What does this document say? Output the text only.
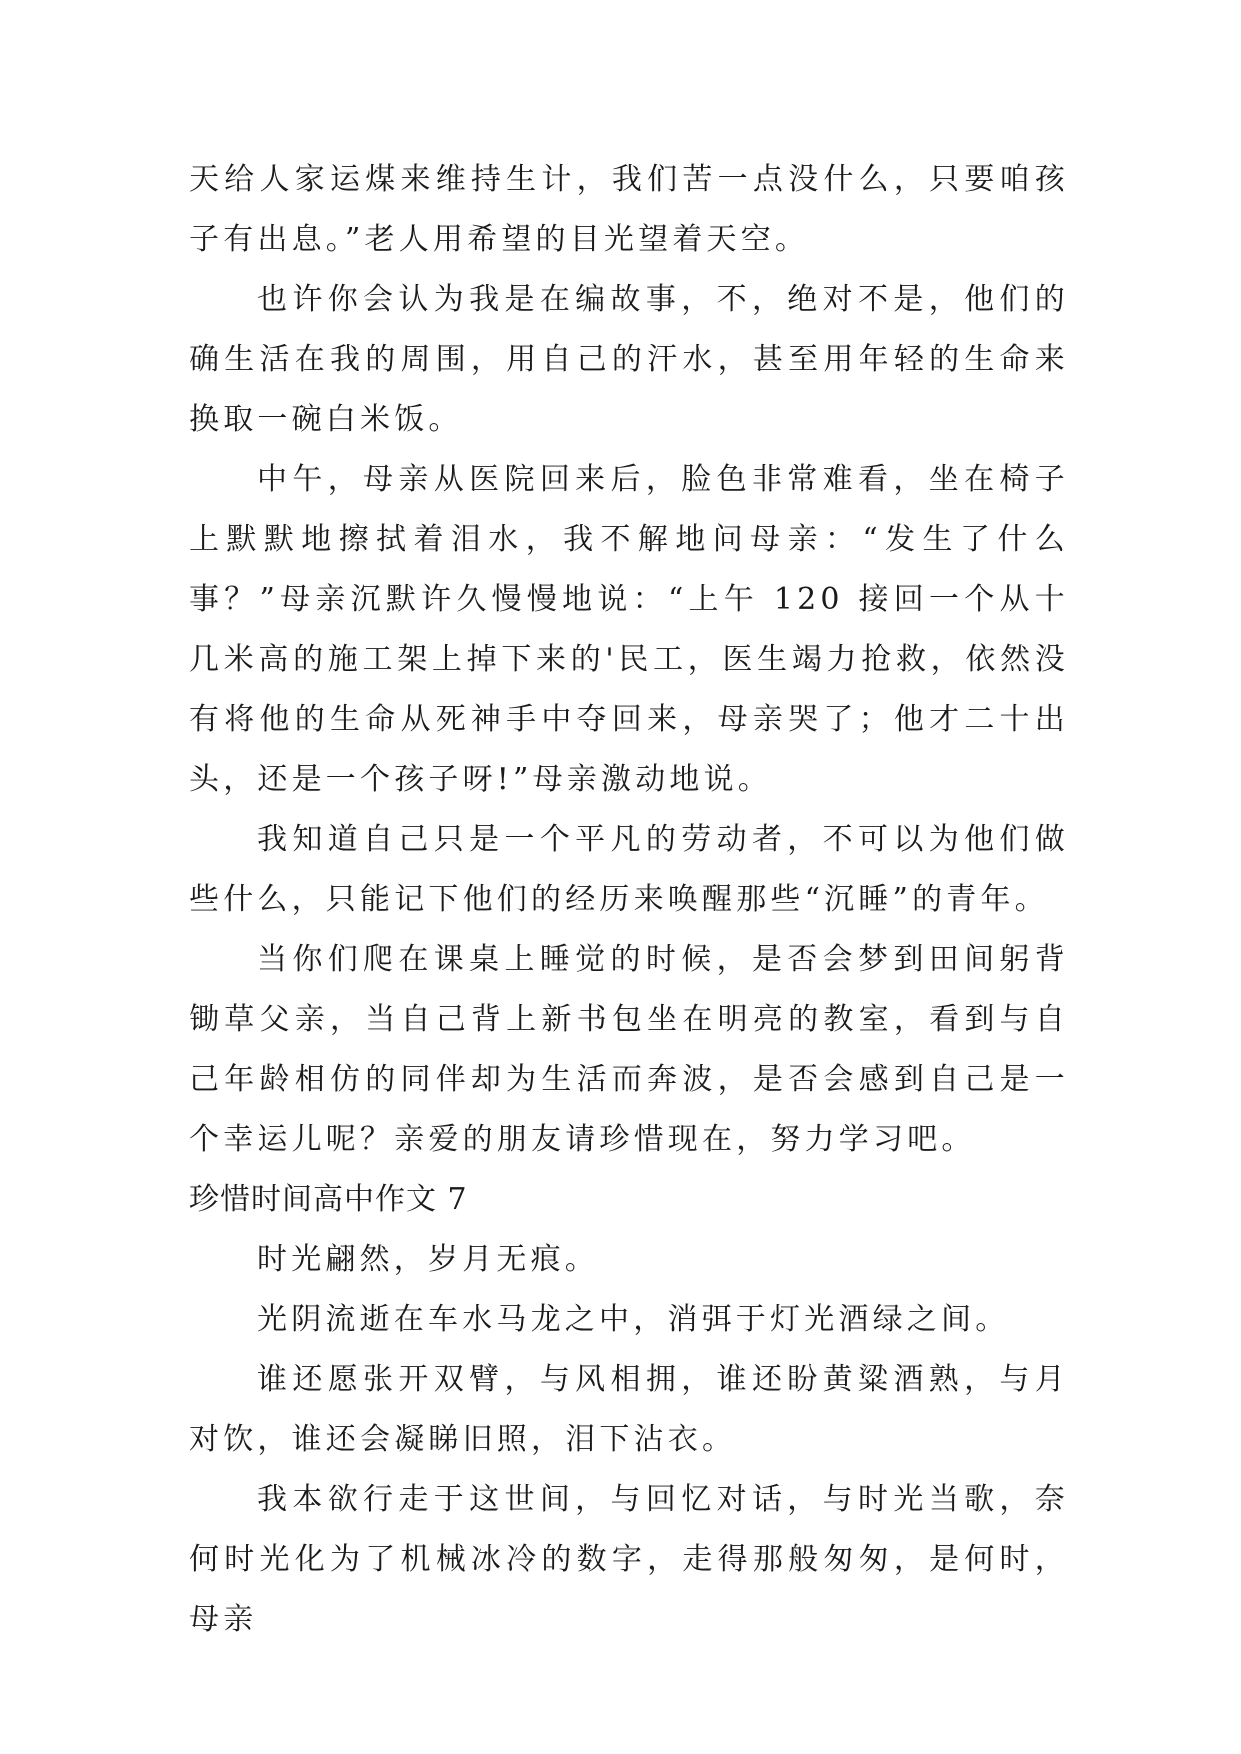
天给人家运煤来维持生计，我们苦一点没什么，只要咱孩子有出息。”老人用希望的目光望着天空。

也许你会认为我是在编故事，不，绝对不是，他们的确生活在我的周围，用自己的汗水，甚至用年轻的生命来换取一碗白米饭。

中午，母亲从医院回来后，脸色非常难看，坐在椅子上默默地擦拭着泪水，我不解地问母亲：“发生了什么事？”母亲沉默许久慢慢地说：“上午 120 接回一个从十几米高的施工架上掉下来的'民工，医生竭力抢救，依然没有将他的生命从死神手中夺回来，母亲哭了；他才二十出头，还是一个孩子呀!”母亲激动地说。

我知道自己只是一个平凡的劳动者，不可以为他们做些什么，只能记下他们的经历来唤醒那些“沉睡”的青年。

当你们爬在课桌上睡觉的时候，是否会梦到田间躬背锄草父亲，当自己背上新书包坐在明亮的教室，看到与自己年龄相仿的同伴却为生活而奔波，是否会感到自己是一个幸运儿呢？亲爱的朋友请珍惜现在，努力学习吧。

珍惜时间高中作文 7

时光翩然，岁月无痕。

光阴流逝在车水马龙之中，消弭于灯光酒绿之间。

谁还愿张开双臂，与风相拥，谁还盼黄粱酒熟，与月对饮，谁还会凝睇旧照，泪下沾衣。

我本欲行走于这世间，与回忆对话，与时光当歌，奈何时光化为了机械冰冷的数字，走得那般匆匆，是何时，母亲
